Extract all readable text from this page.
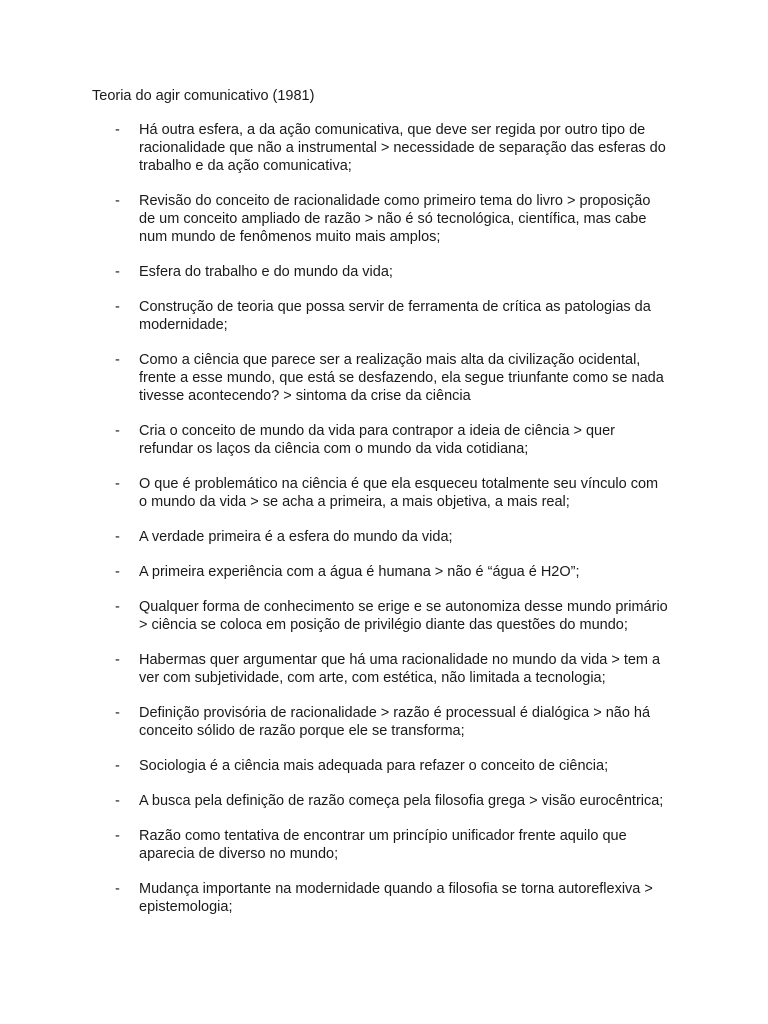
Teoria do agir comunicativo (1981)
- Há outra esfera, a da ação comunicativa, que deve ser regida por outro tipo de racionalidade que não a instrumental > necessidade de separação das esferas do trabalho e da ação comunicativa;
- Revisão do conceito de racionalidade como primeiro tema do livro > proposição de um conceito ampliado de razão > não é só tecnológica, científica, mas cabe num mundo de fenômenos muito mais amplos;
- Esfera do trabalho e do mundo da vida;
- Construção de teoria que possa servir de ferramenta de crítica as patologias da modernidade;
- Como a ciência que parece ser a realização mais alta da civilização ocidental, frente a esse mundo, que está se desfazendo, ela segue triunfante como se nada tivesse acontecendo? > sintoma da crise da ciência
- Cria o conceito de mundo da vida para contrapor a ideia de ciência > quer refundar os laços da ciência com o mundo da vida cotidiana;
- O que é problemático na ciência é que ela esqueceu totalmente seu vínculo com o mundo da vida > se acha a primeira, a mais objetiva, a mais real;
- A verdade primeira é a esfera do mundo da vida;
- A primeira experiência com a água é humana > não é “água é H2O”;
- Qualquer forma de conhecimento se erige e se autonomiza desse mundo primário > ciência se coloca em posição de privilégio diante das questões do mundo;
- Habermas quer argumentar que há uma racionalidade no mundo da vida > tem a ver com subjetividade, com arte, com estética, não limitada a tecnologia;
- Definição provisória de racionalidade > razão é processual é dialógica > não há conceito sólido de razão porque ele se transforma;
- Sociologia é a ciência mais adequada para refazer o conceito de ciência;
- A busca pela definição de razão começa pela filosofia grega > visão eurocêntrica;
- Razão como tentativa de encontrar um princípio unificador frente aquilo que aparecia de diverso no mundo;
- Mudança importante na modernidade quando a filosofia se torna autoreflexiva > epistemologia;
